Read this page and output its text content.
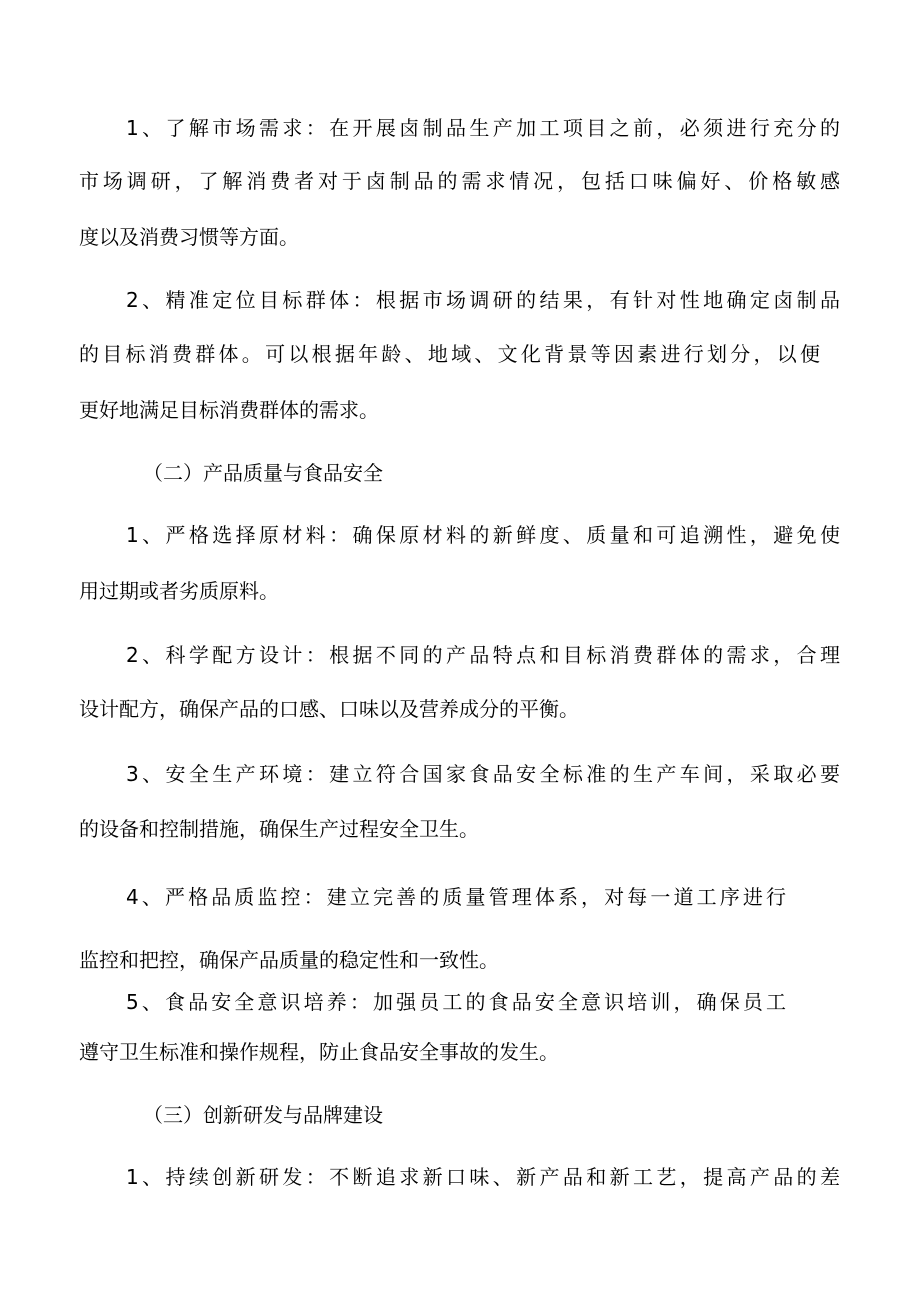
1、了解市场需求：在开展卤制品生产加工项目之前，必须进行充分的
市场调研，了解消费者对于卤制品的需求情况，包括口味偏好、价格敏感
度以及消费习惯等方面。
2、精准定位目标群体：根据市场调研的结果，有针对性地确定卤制品
的目标消费群体。可以根据年龄、地域、文化背景等因素进行划分，以便
更好地满足目标消费群体的需求。
（二）产品质量与食品安全
1、严格选择原材料：确保原材料的新鲜度、质量和可追溯性，避免使
用过期或者劣质原料。
2、科学配方设计：根据不同的产品特点和目标消费群体的需求，合理
设计配方，确保产品的口感、口味以及营养成分的平衡。
3、安全生产环境：建立符合国家食品安全标准的生产车间，采取必要
的设备和控制措施，确保生产过程安全卫生。
4、严格品质监控：建立完善的质量管理体系，对每一道工序进行
监控和把控，确保产品质量的稳定性和一致性。
5、食品安全意识培养：加强员工的食品安全意识培训，确保员工
遵守卫生标准和操作规程，防止食品安全事故的发生。
（三）创新研发与品牌建设
1、持续创新研发：不断追求新口味、新产品和新工艺，提高产品的差
